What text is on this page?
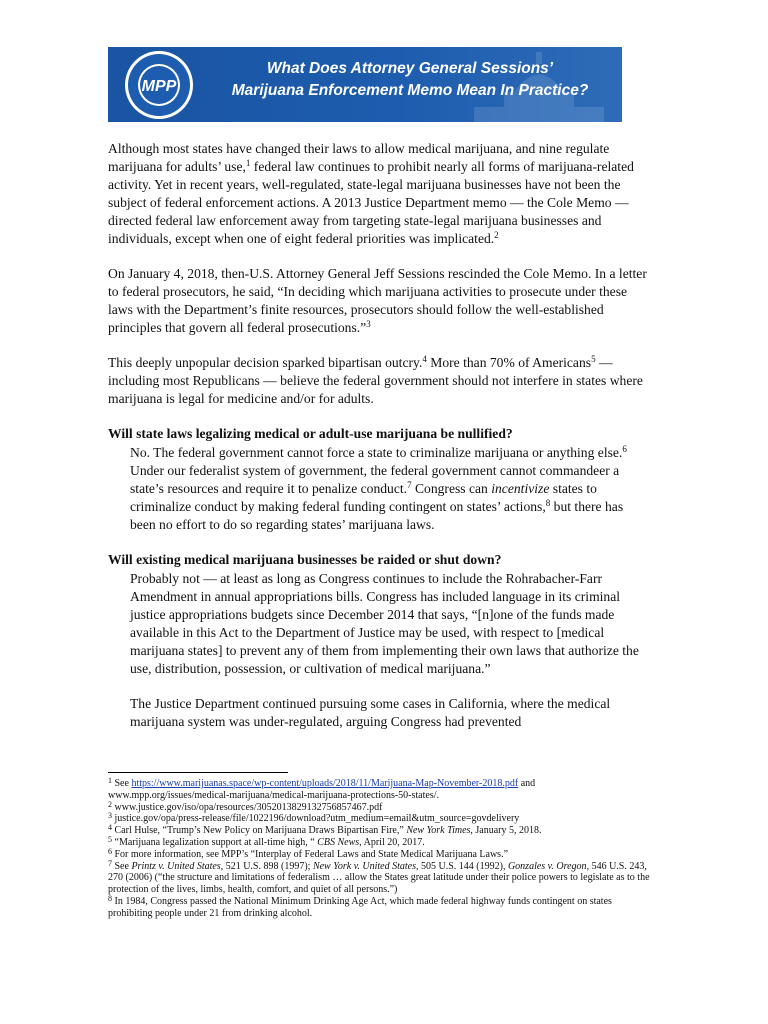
MPP
What Does Attorney General Sessions’
Marijuana Enforcement Memo Mean In Practice?

Although most states have changed their laws to allow medical marijuana, and nine regulate marijuana for adults’ use,$^1$ federal law continues to prohibit nearly all forms of marijuana-related activity. Yet in recent years, well-regulated, state-legal marijuana businesses have not been the subject of federal enforcement actions. A 2013 Justice Department memo — the Cole Memo — directed federal law enforcement away from targeting state-legal marijuana businesses and individuals, except when one of eight federal priorities was implicated.$^2$

On January 4, 2018, then-U.S. Attorney General Jeff Sessions rescinded the Cole Memo. In a letter to federal prosecutors, he said, “In deciding which marijuana activities to prosecute under these laws with the Department’s finite resources, prosecutors should follow the well-established principles that govern all federal prosecutions.”$^3$

This deeply unpopular decision sparked bipartisan outcry.$^4$ More than 70% of Americans$^5$ — including most Republicans — believe the federal government should not interfere in states where marijuana is legal for medicine and/or for adults.

Will state laws legalizing medical or adult-use marijuana be nullified?

No. The federal government cannot force a state to criminalize marijuana or anything else.$^6$ Under our federalist system of government, the federal government cannot commandeer a state’s resources and require it to penalize conduct.$^7$ Congress can incentivize states to criminalize conduct by making federal funding contingent on states’ actions,$^8$ but there has been no effort to do so regarding states’ marijuana laws.

Will existing medical marijuana businesses be raided or shut down?

Probably not — at least as long as Congress continues to include the Rohrabacher-Farr Amendment in annual appropriations bills. Congress has included language in its criminal justice appropriations budgets since December 2014 that says, “[n]one of the funds made available in this Act to the Department of Justice may be used, with respect to [medical marijuana states] to prevent any of them from implementing their own laws that authorize the use, distribution, possession, or cultivation of medical marijuana.”

The Justice Department continued pursuing some cases in California, where the medical marijuana system was under-regulated, arguing Congress had prevented

$^1$ See https://www.marijuanas.space/wp-content/uploads/2018/11/Marijuana-Map-November-2018.pdf and
www.mpp.org/issues/medical-marijuana/medical-marijuana-protections-50-states/.
$^2$ www.justice.gov/iso/opa/resources/3052013829132756857467.pdf
$^3$ justice.gov/opa/press-release/file/1022196/download?utm_medium=email&utm_source=govdelivery
$^4$ Carl Hulse, “Trump’s New Policy on Marijuana Draws Bipartisan Fire,” New York Times, January 5, 2018.
$^5$ “Marijuana legalization support at all-time high, “ CBS News, April 20, 2017.
$^6$ For more information, see MPP’s “Interplay of Federal Laws and State Medical Marijuana Laws.”
$^7$ See Printz v. United States, 521 U.S. 898 (1997); New York v. United States, 505 U.S. 144 (1992), Gonzales v. Oregon, 546 U.S. 243, 270 (2006) (“the structure and limitations of federalism … allow the States great latitude under their police powers to legislate as to the protection of the lives, limbs, health, comfort, and quiet of all persons.”)
$^8$ In 1984, Congress passed the National Minimum Drinking Age Act, which made federal highway funds contingent on states prohibiting people under 21 from drinking alcohol.
